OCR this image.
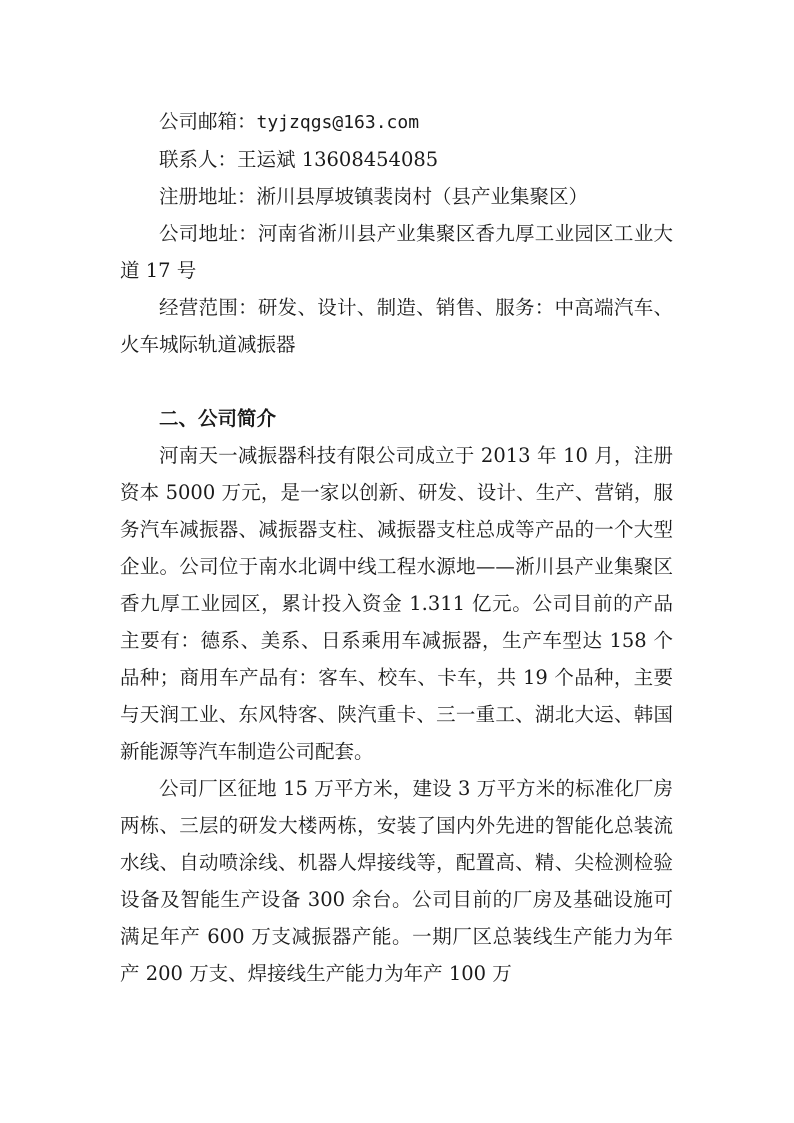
公司邮箱：tyjzqgs@163.com

联系人：王运斌 13608454085

注册地址：淅川县厚坡镇裴岗村（县产业集聚区）

公司地址：河南省淅川县产业集聚区香九厚工业园区工业大道 17 号

经营范围：研发、设计、制造、销售、服务：中高端汽车、火车城际轨道减振器

二、公司简介

河南天一减振器科技有限公司成立于 2013 年 10 月，注册资本 5000 万元，是一家以创新、研发、设计、生产、营销，服务汽车减振器、减振器支柱、减振器支柱总成等产品的一个大型企业。公司位于南水北调中线工程水源地——淅川县产业集聚区香九厚工业园区，累计投入资金 1.311 亿元。公司目前的产品主要有：德系、美系、日系乘用车减振器，生产车型达 158 个品种；商用车产品有：客车、校车、卡车，共 19 个品种，主要与天润工业、东风特客、陕汽重卡、三一重工、湖北大运、韩国新能源等汽车制造公司配套。

公司厂区征地 15 万平方米，建设 3 万平方米的标准化厂房两栋、三层的研发大楼两栋，安装了国内外先进的智能化总装流水线、自动喷涂线、机器人焊接线等，配置高、精、尖检测检验设备及智能生产设备 300 余台。公司目前的厂房及基础设施可满足年产 600 万支减振器产能。一期厂区总装线生产能力为年产 200 万支、焊接线生产能力为年产 100 万
